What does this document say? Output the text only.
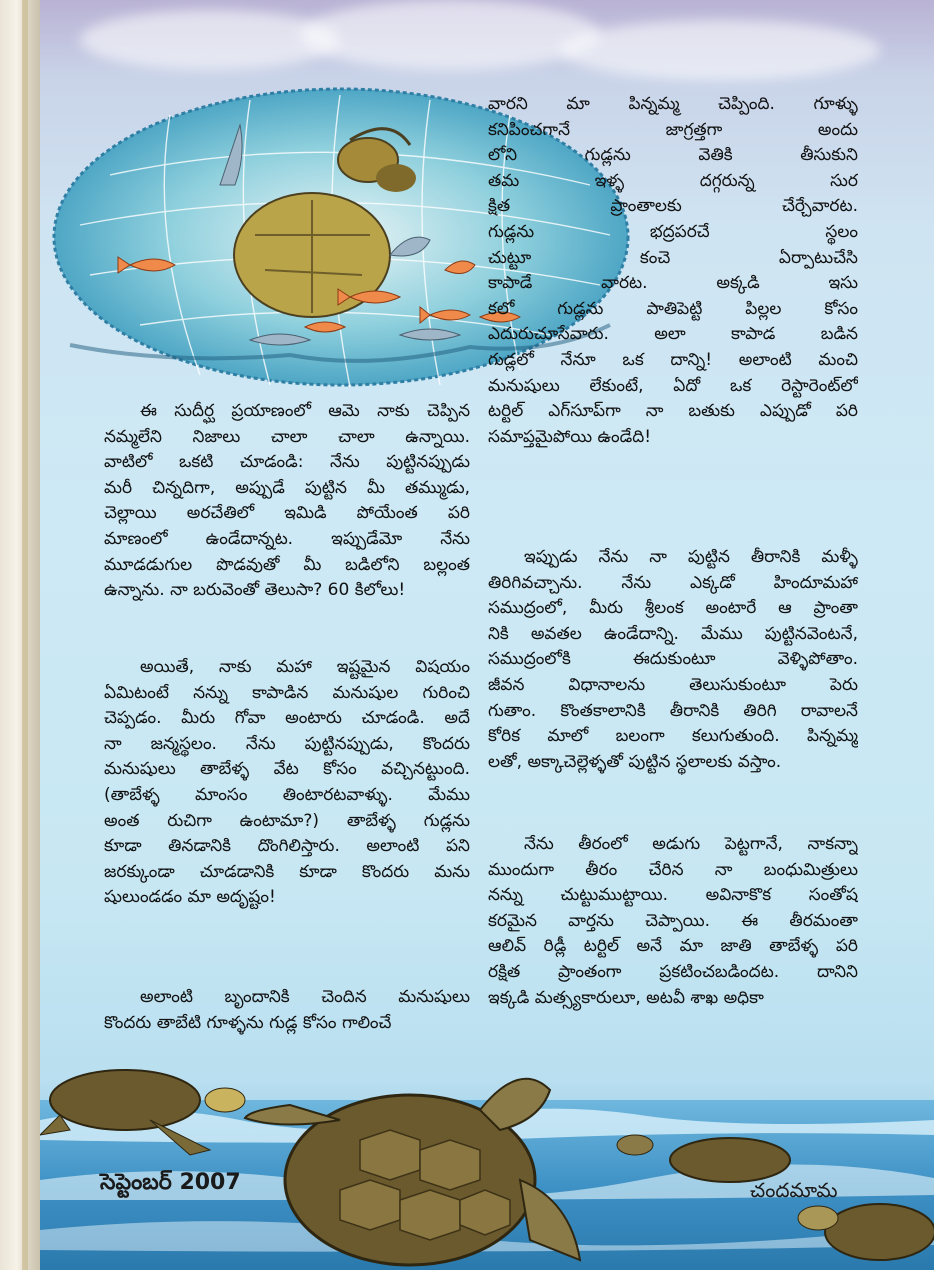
వారని మా పిన్నమ్మ చెప్పింది. గూళ్ళు
కనిపించగానే జాగ్రత్తగా అందు
లోని గుడ్లను వెతికి తీసుకుని
తమ ఇళ్ళ దగ్గరున్న సుర
క్షిత ప్రాంతాలకు చేర్చేవారట.
గుడ్లను భద్రపరచే స్థలం
చుట్టూ కంచె ఏర్పాటుచేసి
కాపాడే వారట. అక్కడి ఇసు
కలో గుడ్లను పాతిపెట్టి పిల్లల కోసం
ఎదురుచూసేవారు. అలా కాపాడ బడిన
గుడ్లలో నేనూ ఒక దాన్ని! అలాంటి మంచి
మనుషులు లేకుంటే, ఏదో ఒక రెస్టారెంట్‌లో
టర్టిల్ ఎగ్‌సూప్‌గా నా బతుకు ఎప్పుడో పరి
సమాప్తమైపోయి ఉండేది!
ఇప్పుడు నేను నా పుట్టిన తీరానికి మళ్ళీ
తిరిగివచ్చాను. నేను ఎక్కడో హిందూమహా
సముద్రంలో, మీరు శ్రీలంక అంటారే ఆ ప్రాంతా
నికి అవతల ఉండేదాన్ని. మేము పుట్టినవెంటనే,
సముద్రంలోకి ఈదుకుంటూ వెళ్ళిపోతాం.
జీవన విధానాలను తెలుసుకుంటూ పెరు
గుతాం. కొంతకాలానికి తీరానికి తిరిగి రావాలనే
కోరిక మాలో బలంగా కలుగుతుంది. పిన్నమ్మ
లతో, అక్కాచెల్లెళ్ళతో పుట్టిన స్థలాలకు వస్తాం.
నేను తీరంలో అడుగు పెట్టగానే, నాకన్నా
ముందుగా తీరం చేరిన నా బంధుమిత్రులు
నన్ను చుట్టుముట్టాయి. అవినాకొక సంతోష
కరమైన వార్తను చెప్పాయి. ఈ తీరమంతా
ఆలివ్ రిడ్లీ టర్టిల్ అనే మా జాతి తాబేళ్ళ పరి
రక్షిత ప్రాంతంగా ప్రకటించబడిందట. దానిని
ఇక్కడి మత్స్యకారులూ, అటవీ శాఖ అధికా
ఈ సుదీర్ఘ ప్రయాణంలో ఆమె నాకు చెప్పిన
నమ్మలేని నిజాలు చాలా చాలా ఉన్నాయి.
వాటిలో ఒకటి చూడండి: నేను పుట్టినప్పుడు
మరీ చిన్నదిగా, అప్పుడే పుట్టిన మీ తమ్ముడు,
చెల్లాయి అరచేతిలో ఇమిడి పోయేంత పరి
మాణంలో ఉండేదాన్నట. ఇప్పుడేమో నేను
మూడడుగుల పొడవుతో మీ బడిలోని బల్లంత
ఉన్నాను. నా బరువెంతో తెలుసా? 60 కిలోలు!
అయితే, నాకు మహా ఇష్టమైన విషయం
ఏమిటంటే నన్ను కాపాడిన మనుషుల గురించి
చెప్పడం. మీరు గోవా అంటారు చూడండి. అదే
నా జన్మస్థలం. నేను పుట్టినప్పుడు, కొందరు
మనుషులు తాబేళ్ళ వేట కోసం వచ్చినట్టుంది.
(తాబేళ్ళ మాంసం తింటారటవాళ్ళు. మేము
అంత రుచిగా ఉంటామా?) తాబేళ్ళ గుడ్లను
కూడా తినడానికి దొంగిలిస్తారు. అలాంటి పని
జరక్కుండా చూడడానికి కూడా కొందరు మను
షులుండడం మా అదృష్టం!
అలాంటి బృందానికి చెందిన మనుషులు
కొందరు తాబేటి గూళ్ళను గుడ్ల కోసం గాలించే
సెప్టెంబర్ 2007	చందమామ
